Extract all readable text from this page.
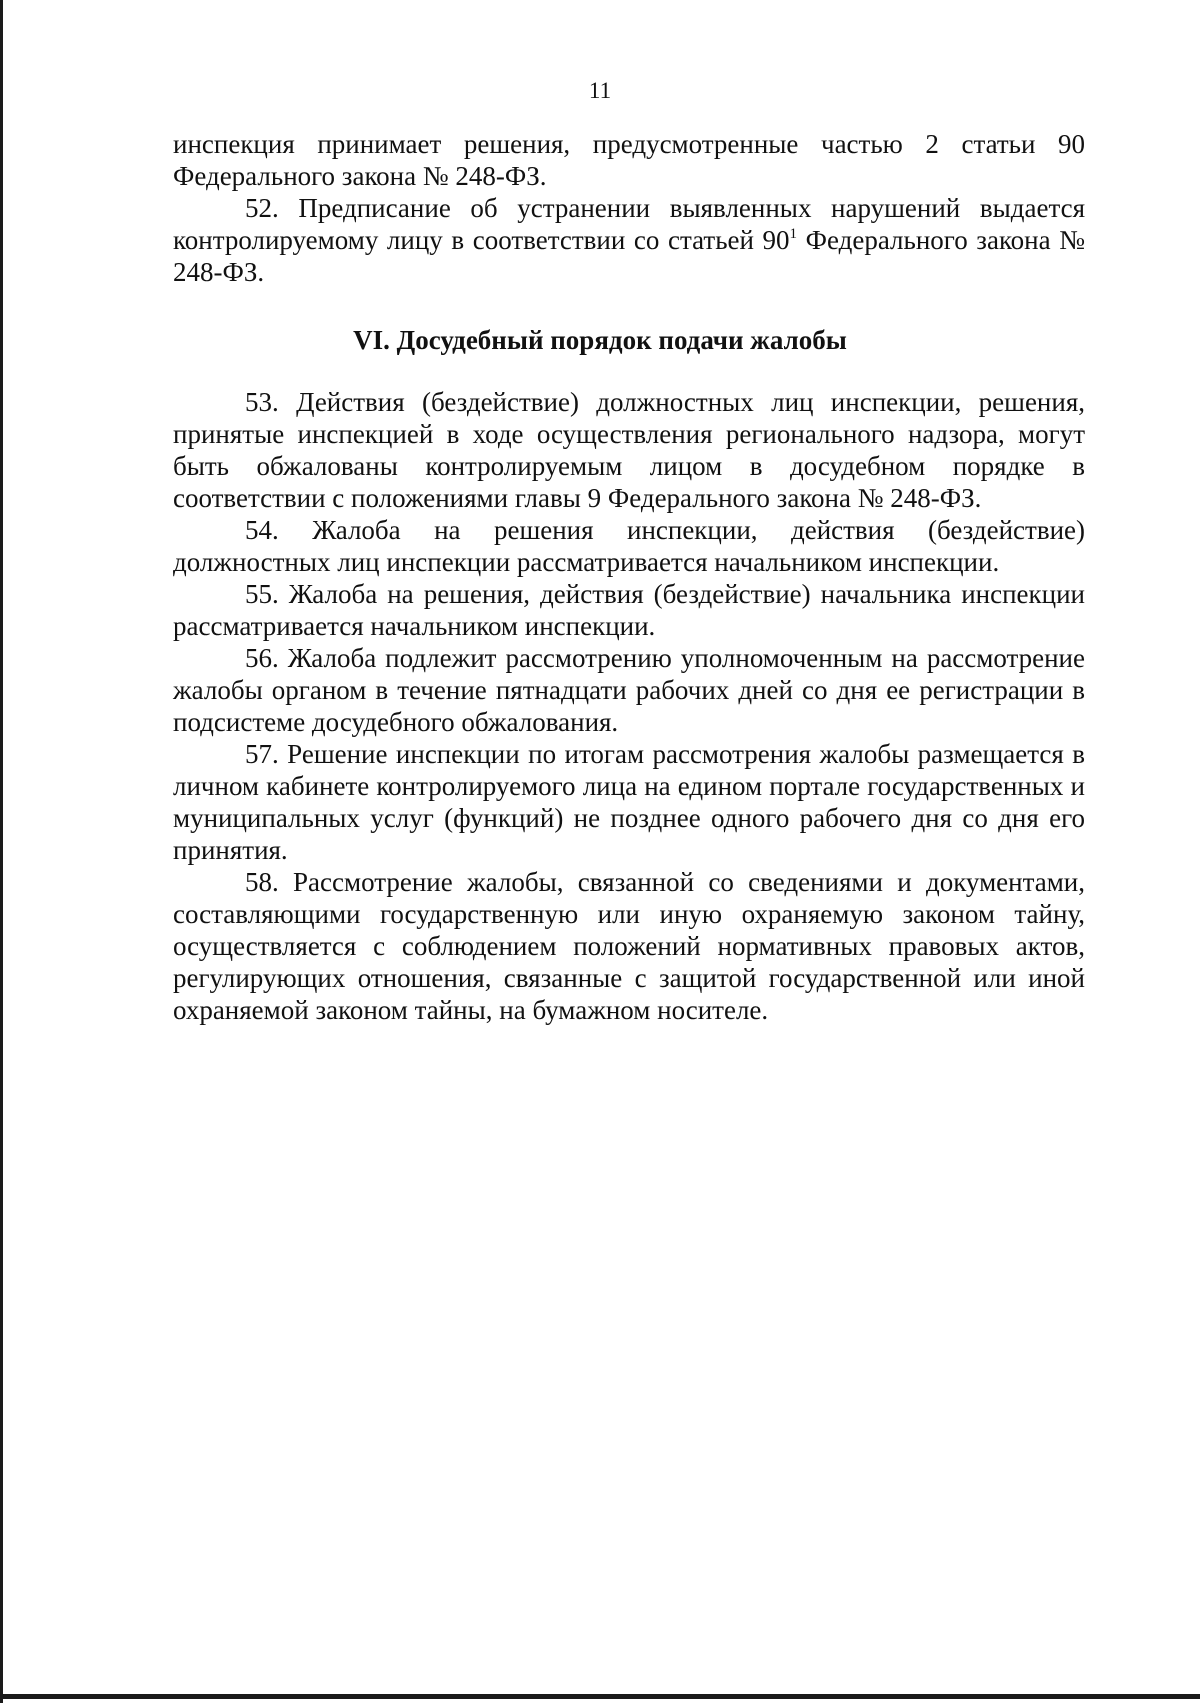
11

инспекция принимает решения, предусмотренные частью 2 статьи 90 Федерального закона № 248-ФЗ.

52. Предписание об устранении выявленных нарушений выдается контролируемому лицу в соответствии со статьей $90^1$ Федерального закона № 248-ФЗ.

VI. Досудебный порядок подачи жалобы

53. Действия (бездействие) должностных лиц инспекции, решения, принятые инспекцией в ходе осуществления регионального надзора, могут быть обжалованы контролируемым лицом в досудебном порядке в соответствии с положениями главы 9 Федерального закона № 248-ФЗ.

54. Жалоба на решения инспекции, действия (бездействие) должностных лиц инспекции рассматривается начальником инспекции.

55. Жалоба на решения, действия (бездействие) начальника инспекции рассматривается начальником инспекции.

56. Жалоба подлежит рассмотрению уполномоченным на рассмотрение жалобы органом в течение пятнадцати рабочих дней со дня ее регистрации в подсистеме досудебного обжалования.

57. Решение инспекции по итогам рассмотрения жалобы размещается в личном кабинете контролируемого лица на едином портале государственных и муниципальных услуг (функций) не позднее одного рабочего дня со дня его принятия.

58. Рассмотрение жалобы, связанной со сведениями и документами, составляющими государственную или иную охраняемую законом тайну, осуществляется с соблюдением положений нормативных правовых актов, регулирующих отношения, связанные с защитой государственной или иной охраняемой законом тайны, на бумажном носителе.
